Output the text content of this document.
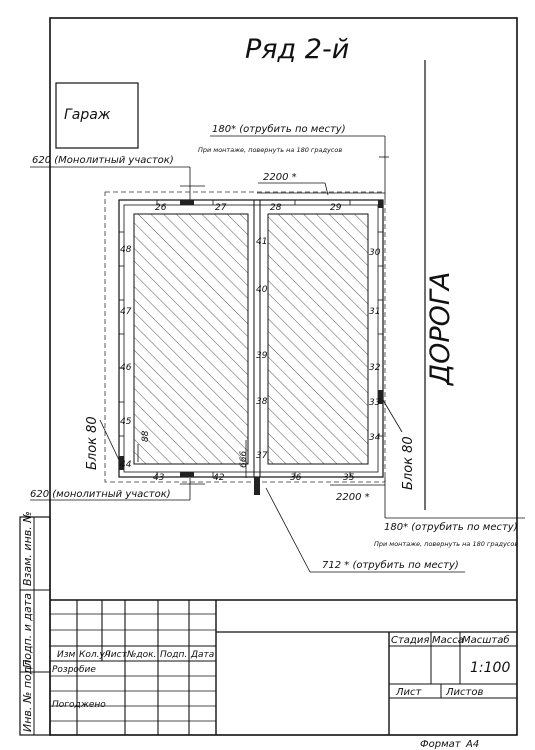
Взам. инв. №
Подп. и дата
Инв. № подл.
Ряд 2-й
Гараж
ДОРОГА
180* (отрубить по месту)
При монтаже, повернуть на 180 градусов
620 (Монолитный участок)
2200 *
26	27	28	29
30
31
32
33
34
35
36
37
38
39
40
41
42
43
44
45
46
47
48
88
666
Блок 80	Блок 80
620 (монолитный участок)	2200 *
180* (отрубить по месту)
При монтаже, повернуть на 180 градусов
712 * (отрубить по месту)
Изм Кол.уч
Лист №док. Подп. Дата
Розробие
Погоджено
Стадия Масса
Масштаб
1:100
Лист Листов
Формат А4
